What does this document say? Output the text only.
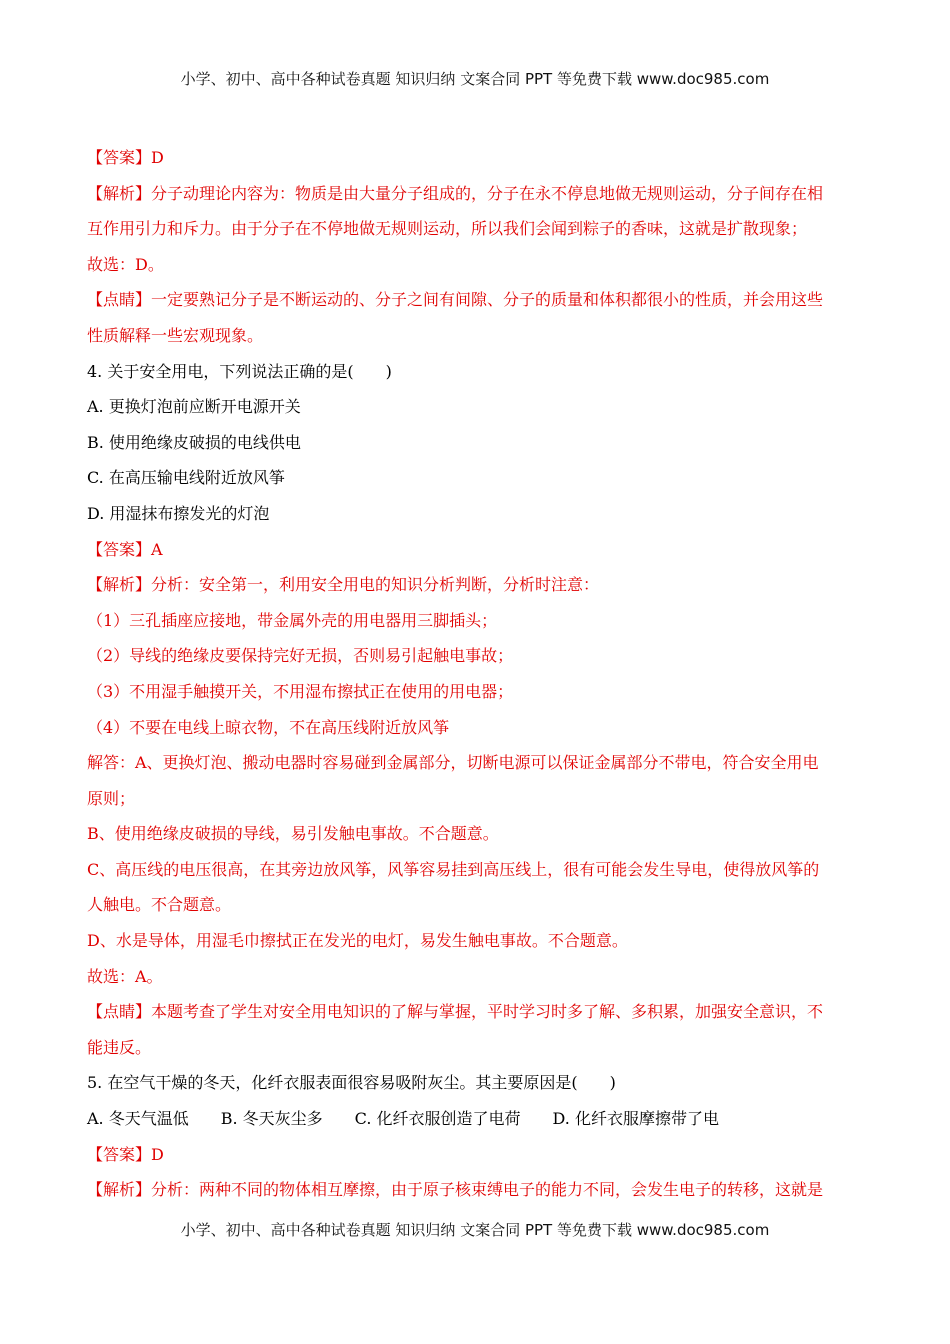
小学、初中、高中各种试卷真题 知识归纳 文案合同 PPT 等免费下载 www.doc985.com
【答案】D
【解析】分子动理论内容为：物质是由大量分子组成的，分子在永不停息地做无规则运动，分子间存在相
互作用引力和斥力。由于分子在不停地做无规则运动，所以我们会闻到粽子的香味，这就是扩散现象；
故选：D。
【点睛】一定要熟记分子是不断运动的、分子之间有间隙、分子的质量和体积都很小的性质，并会用这些
性质解释一些宏观现象。
4. 关于安全用电，下列说法正确的是(　　)
A. 更换灯泡前应断开电源开关
B. 使用绝缘皮破损的电线供电
C. 在高压输电线附近放风筝
D. 用湿抹布擦发光的灯泡
【答案】A
【解析】分析：安全第一，利用安全用电的知识分析判断，分析时注意：
（1）三孔插座应接地，带金属外壳的用电器用三脚插头；
（2）导线的绝缘皮要保持完好无损，否则易引起触电事故；
（3）不用湿手触摸开关，不用湿布擦拭正在使用的用电器；
（4）不要在电线上晾衣物，不在高压线附近放风筝
解答：A、更换灯泡、搬动电器时容易碰到金属部分，切断电源可以保证金属部分不带电，符合安全用电
原则；
B、使用绝缘皮破损的导线，易引发触电事故。不合题意。
C、高压线的电压很高，在其旁边放风筝，风筝容易挂到高压线上，很有可能会发生导电，使得放风筝的
人触电。不合题意。
D、水是导体，用湿毛巾擦拭正在发光的电灯，易发生触电事故。不合题意。
故选：A。
【点睛】本题考查了学生对安全用电知识的了解与掌握，平时学习时多了解、多积累，加强安全意识，不
能违反。
5. 在空气干燥的冬天，化纤衣服表面很容易吸附灰尘。其主要原因是(　　)
A. 冬天气温低 B. 冬天灰尘多 C. 化纤衣服创造了电荷 D. 化纤衣服摩擦带了电
【答案】D
【解析】分析：两种不同的物体相互摩擦，由于原子核束缚电子的能力不同，会发生电子的转移，这就是
小学、初中、高中各种试卷真题 知识归纳 文案合同 PPT 等免费下载 www.doc985.com
